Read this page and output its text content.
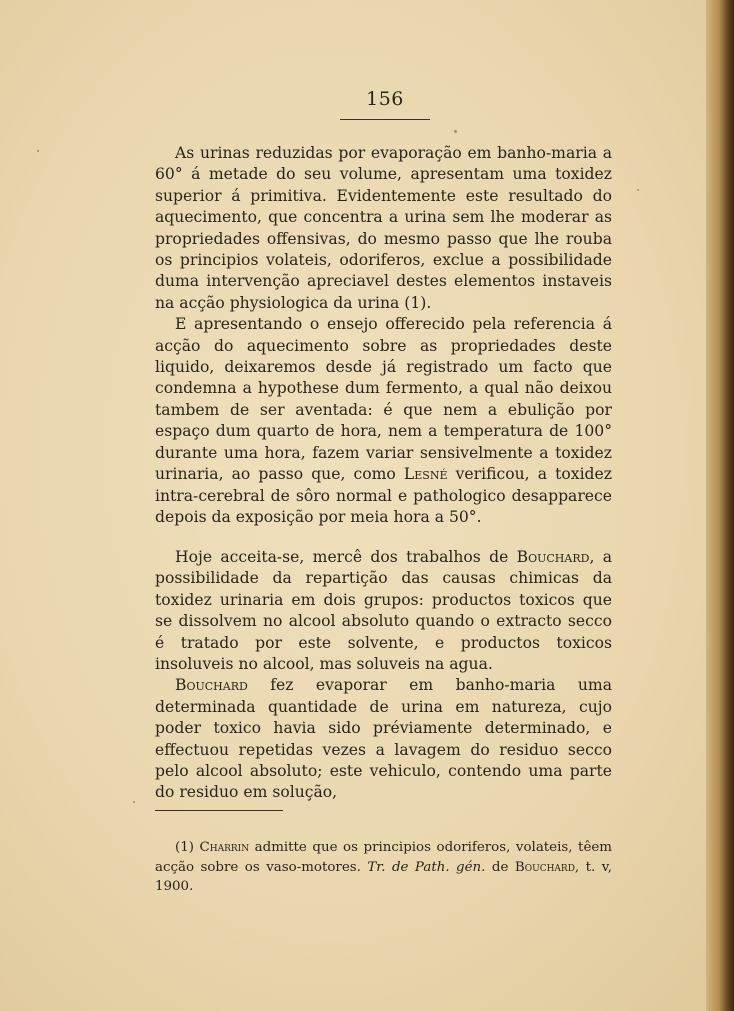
156

As urinas reduzidas por evaporação em banho-maria a 60° á metade do seu volume, apresentam uma toxidez superior á primitiva. Evidentemente este resultado do aquecimento, que concentra a urina sem lhe moderar as propriedades offensivas, do mesmo passo que lhe rouba os principios volateis, odoriferos, exclue a possibilidade duma intervenção apreciavel destes elementos instaveis na acção physiologica da urina (1).

E apresentando o ensejo offerecido pela referencia á acção do aquecimento sobre as propriedades deste liquido, deixaremos desde já registrado um facto que condemna a hypothese dum fermento, a qual não deixou tambem de ser aventada: é que nem a ebulição por espaço dum quarto de hora, nem a temperatura de 100° durante uma hora, fazem variar sensivelmente a toxidez urinaria, ao passo que, como Lesné verificou, a toxidez intra-cerebral de sôro normal e pathologico desapparece depois da exposição por meia hora a 50°.

Hoje acceita-se, mercê dos trabalhos de Bouchard, a possibilidade da repartição das causas chimicas da toxidez urinaria em dois grupos: productos toxicos que se dissolvem no alcool absoluto quando o extracto secco é tratado por este solvente, e productos toxicos insoluveis no alcool, mas soluveis na agua.

Bouchard fez evaporar em banho-maria uma determinada quantidade de urina em natureza, cujo poder toxico havia sido préviamente determinado, e effectuou repetidas vezes a lavagem do residuo secco pelo alcool absoluto; este vehiculo, contendo uma parte do residuo em solução,

(1) Charrin admitte que os principios odoriferos, volateis, têem acção sobre os vaso-motores. Tr. de Path. gén. de Bouchard, t. v, 1900.
